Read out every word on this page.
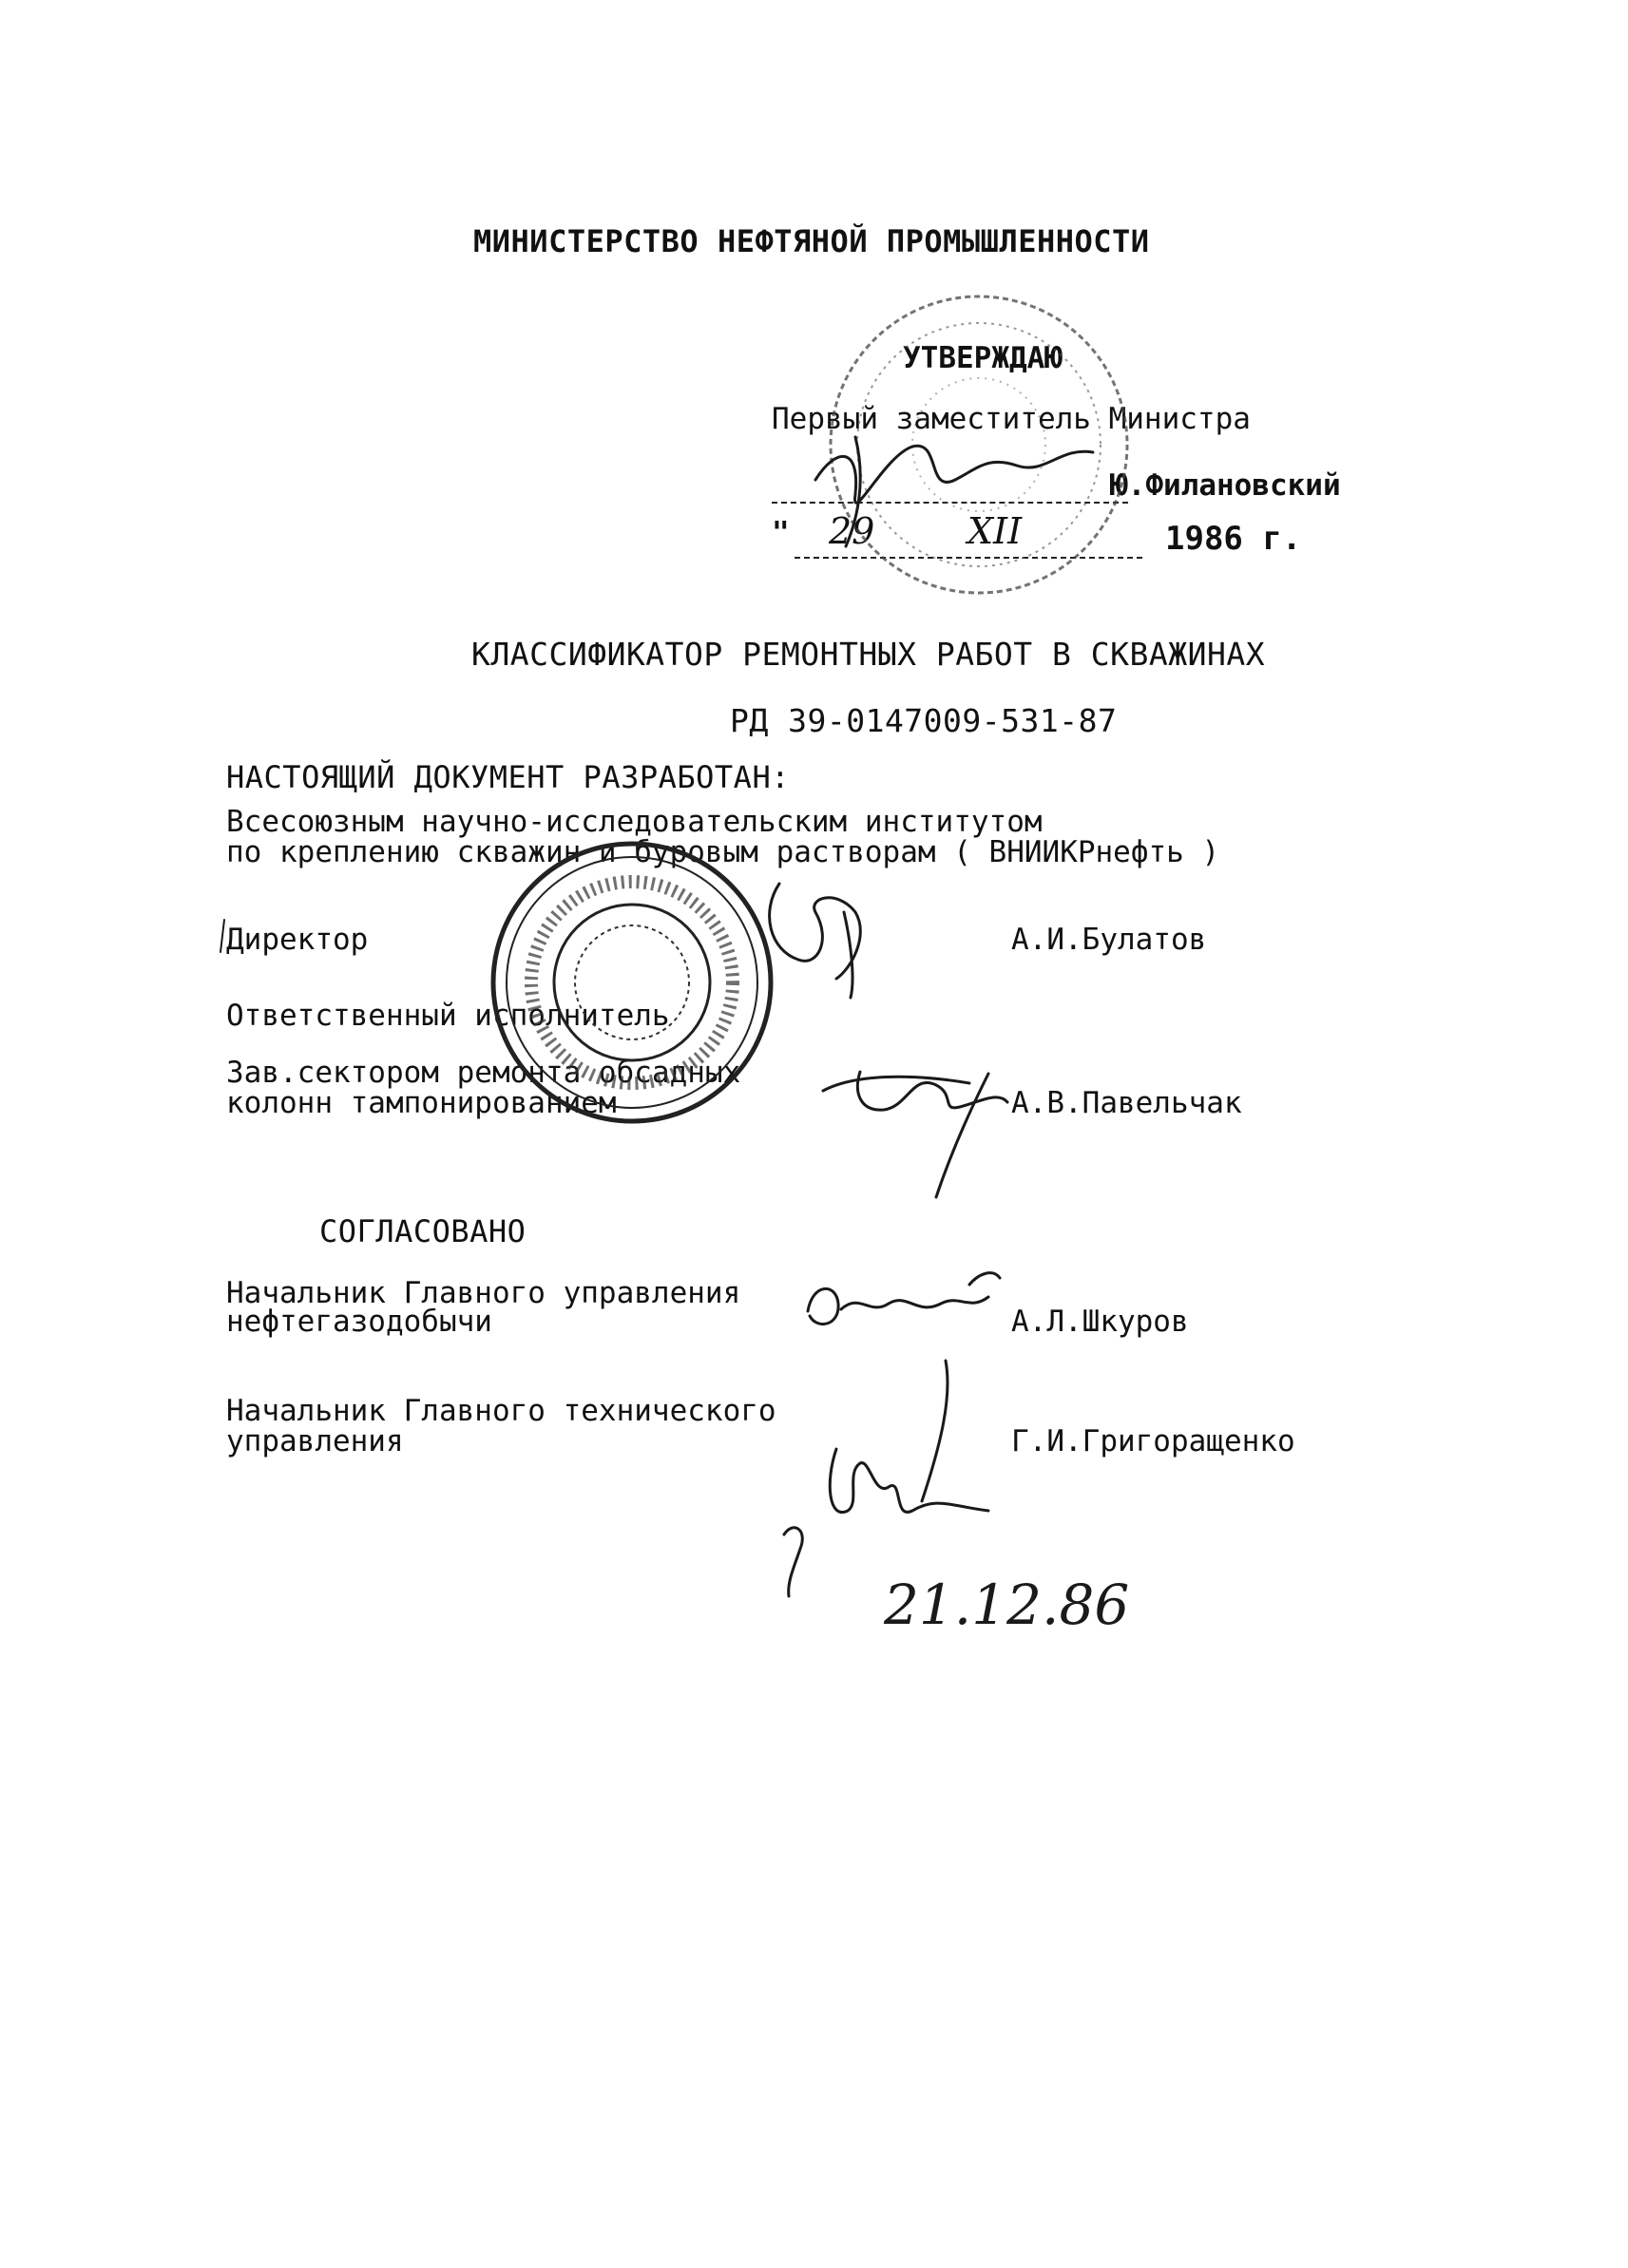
МИНИСТЕРСТВО НЕФТЯНОЙ ПРОМЫШЛЕННОСТИ
УТВЕРЖДАЮ
Первый заместитель Министра
Ю.Филановский
" 29	XII	1986 г.
КЛАССИФИКАТОР РЕМОНТНЫХ РАБОТ В СКВАЖИНАХ
РД 39-0147009-531-87
НАСТОЯЩИЙ ДОКУМЕНТ РАЗРАБОТАН:
Всесоюзным научно-исследовательским институтом
по креплению скважин и буровым растворам ( ВНИИКРнефть )
Директор	А.И.Булатов
Ответственный исполнитель
Зав.сектором ремонта обсадных
колонн тампонированием	А.В.Павельчак
СОГЛАСОВАНО
Начальник Главного управления
нефтегазодобычи	А.Л.Шкуров
Начальник Главного технического
управления	Г.И.Григоращенко
21.12.86
